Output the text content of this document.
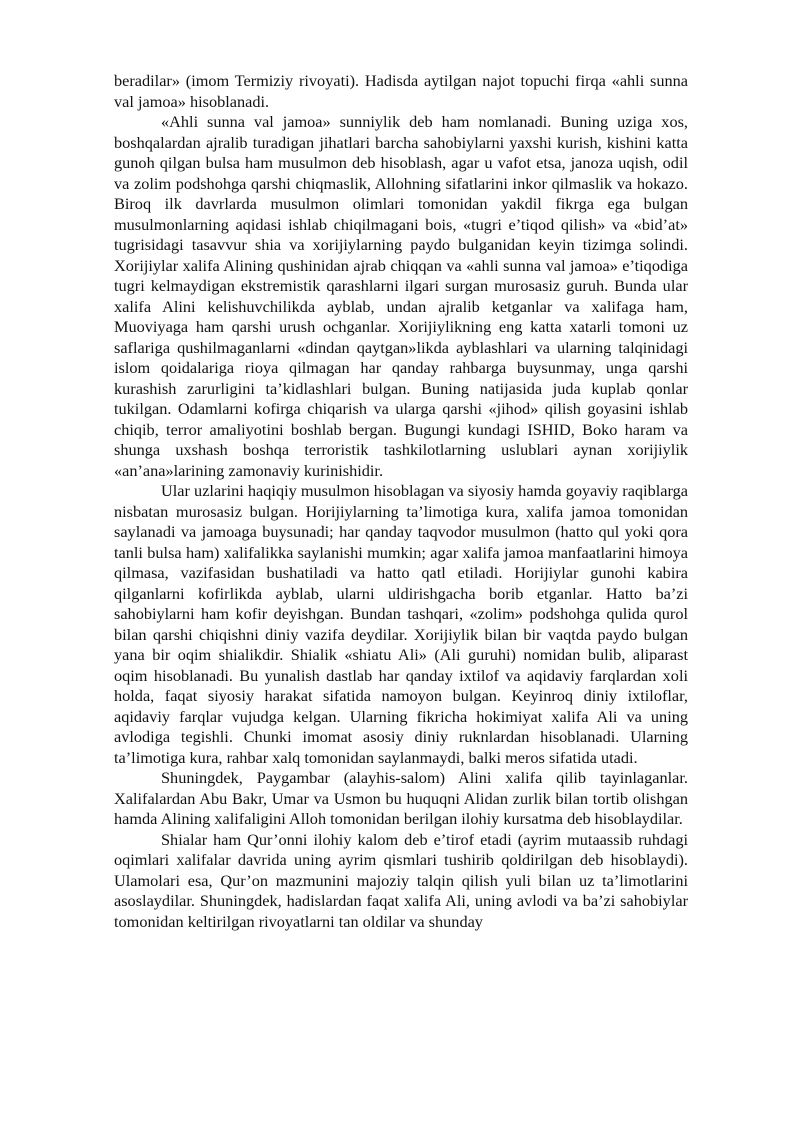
beradilar» (imom Termiziy rivoyati). Hadisda aytilgan najot topuchi firqa «ahli sunna val jamoa» hisoblanadi.

«Ahli sunna val jamoa» sunniylik deb ham nomlanadi. Buning uziga xos, boshqalardan ajralib turadigan jihatlari barcha sahobiylarni yaxshi kurish, kishini katta gunoh qilgan bulsa ham musulmon deb hisoblash, agar u vafot etsa, janoza uqish, odil va zolim podshohga qarshi chiqmaslik, Allohning sifatlarini inkor qilmaslik va hokazo. Biroq ilk davrlarda musulmon olimlari tomonidan yakdil fikrga ega bulgan musulmonlarning aqidasi ishlab chiqilmagani bois, «tugri e’tiqod qilish» va «bid’at» tugrisidagi tasavvur shia va xorijiylarning paydo bulganidan keyin tizimga solindi. Xorijiylar xalifa Alining qushinidan ajrab chiqqan va «ahli sunna val jamoa» e’tiqodiga tugri kelmaydigan ekstremistik qarashlarni ilgari surgan murosasiz guruh. Bunda ular xalifa Alini kelishuvchilikda ayblab, undan ajralib ketganlar va xalifaga ham, Muoviyaga ham qarshi urush ochganlar. Xorijiylikning eng katta xatarli tomoni uz saflariga qushilmaganlarni «dindan qaytgan»likda ayblashlari va ularning talqinidagi islom qoidalariga rioya qilmagan har qanday rahbarga buysunmay, unga qarshi kurashish zarurligini ta’kidlashlari bulgan. Buning natijasida juda kuplab qonlar tukilgan. Odamlarni kofirga chiqarish va ularga qarshi «jihod» qilish goyasini ishlab chiqib, terror amaliyotini boshlab bergan. Bugungi kundagi ISHID, Boko haram va shunga uxshash boshqa terroristik tashkilotlarning uslublari aynan xorijiylik «an’ana»larining zamonaviy kurinishidir.

Ular uzlarini haqiqiy musulmon hisoblagan va siyosiy hamda goyaviy raqiblarga nisbatan murosasiz bulgan. Horijiylarning ta’limotiga kura, xalifa jamoa tomonidan saylanadi va jamoaga buysunadi; har qanday taqvodor musulmon (hatto qul yoki qora tanli bulsa ham) xalifalikka saylanishi mumkin; agar xalifa jamoa manfaatlarini himoya qilmasa, vazifasidan bushatiladi va hatto qatl etiladi. Horijiylar gunohi kabira qilganlarni kofirlikda ayblab, ularni uldirishgacha borib etganlar. Hatto ba’zi sahobiylarni ham kofir deyishgan. Bundan tashqari, «zolim» podshohga qulida qurol bilan qarshi chiqishni diniy vazifa deydilar. Xorijiylik bilan bir vaqtda paydo bulgan yana bir oqim shialikdir. Shialik «shiatu Ali» (Ali guruhi) nomidan bulib, aliparast oqim hisoblanadi. Bu yunalish dastlab har qanday ixtilof va aqidaviy farqlardan xoli holda, faqat siyosiy harakat sifatida namoyon bulgan. Keyinroq diniy ixtiloflar, aqidaviy farqlar vujudga kelgan. Ularning fikricha hokimiyat xalifa Ali va uning avlodiga tegishli. Chunki imomat asosiy diniy ruknlardan hisoblanadi. Ularning ta’limotiga kura, rahbar xalq tomonidan saylanmaydi, balki meros sifatida utadi.

Shuningdek, Paygambar (alayhis-salom) Alini xalifa qilib tayinlaganlar. Xalifalardan Abu Bakr, Umar va Usmon bu huquqni Alidan zurlik bilan tortib olishgan hamda Alining xalifaligini Alloh tomonidan berilgan ilohiy kursatma deb hisoblaydilar.

Shialar ham Qur’onni ilohiy kalom deb e’tirof etadi (ayrim mutaassib ruhdagi oqimlari xalifalar davrida uning ayrim qismlari tushirib qoldirilgan deb hisoblaydi). Ulamolari esa, Qur’on mazmunini majoziy talqin qilish yuli bilan uz ta’limotlarini asoslaydilar. Shuningdek, hadislardan faqat xalifa Ali, uning avlodi va ba’zi sahobiylar tomonidan keltirilgan rivoyatlarni tan oldilar va shunday
